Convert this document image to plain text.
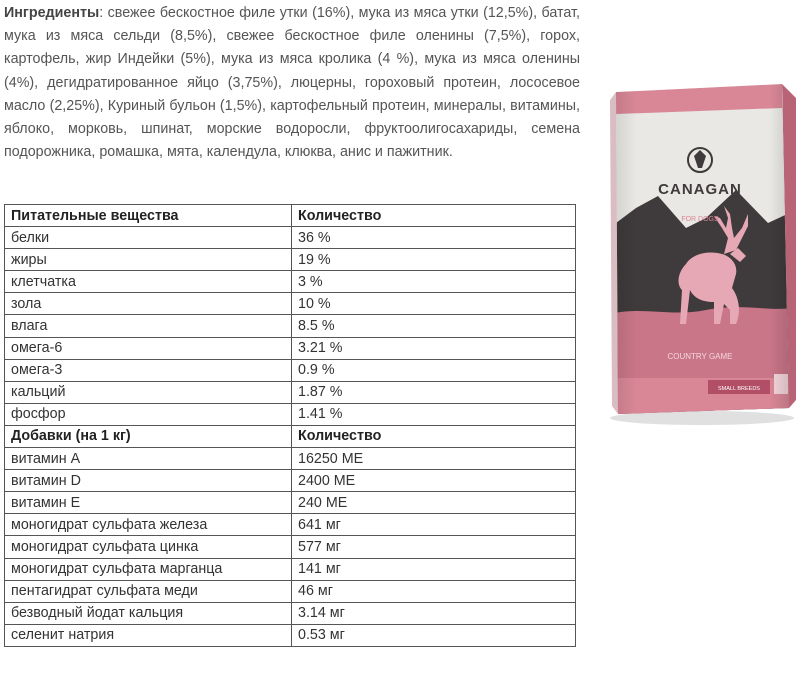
Ингредиенты: свежее бескостное филе утки (16%), мука из мяса утки (12,5%), батат, мука из мяса сельди (8,5%), свежее бескостное филе оленины (7,5%), горох, картофель, жир Индейки (5%), мука из мяса кролика (4 %), мука из мяса оленины (4%), дегидратированное яйцо (3,75%), люцерны, гороховый протеин, лососевое масло (2,25%), Куриный бульон (1,5%), картофельный протеин, минералы, витамины, яблоко, морковь, шпинат, морские водоросли, фруктоолигосахариды, семена подорожника, ромашка, мята, календула, клюква, анис и пажитник.
Питательные вещества	Количество
белки	36 %
жиры	19 %
клетчатка	3 %
зола	10 %
влага	8.5 %
омега-6	3.21 %
омега-3	0.9 %
кальций	1.87 %
фосфор	1.41 %
Добавки (на 1 кг)	Количество
витамин A	16250 МЕ
витамин D	2400 МЕ
витамин E	240 МЕ
моногидрат сульфата железа	641 мг
моногидрат сульфата цинка	577 мг
моногидрат сульфата марганца	141 мг
пентагидрат сульфата меди	46 мг
безводный йодат кальция	3.14 мг
селенит натрия	0.53 мг
CANAGAN
FOR DOGS
COUNTRY GAME
SMALL BREEDS
